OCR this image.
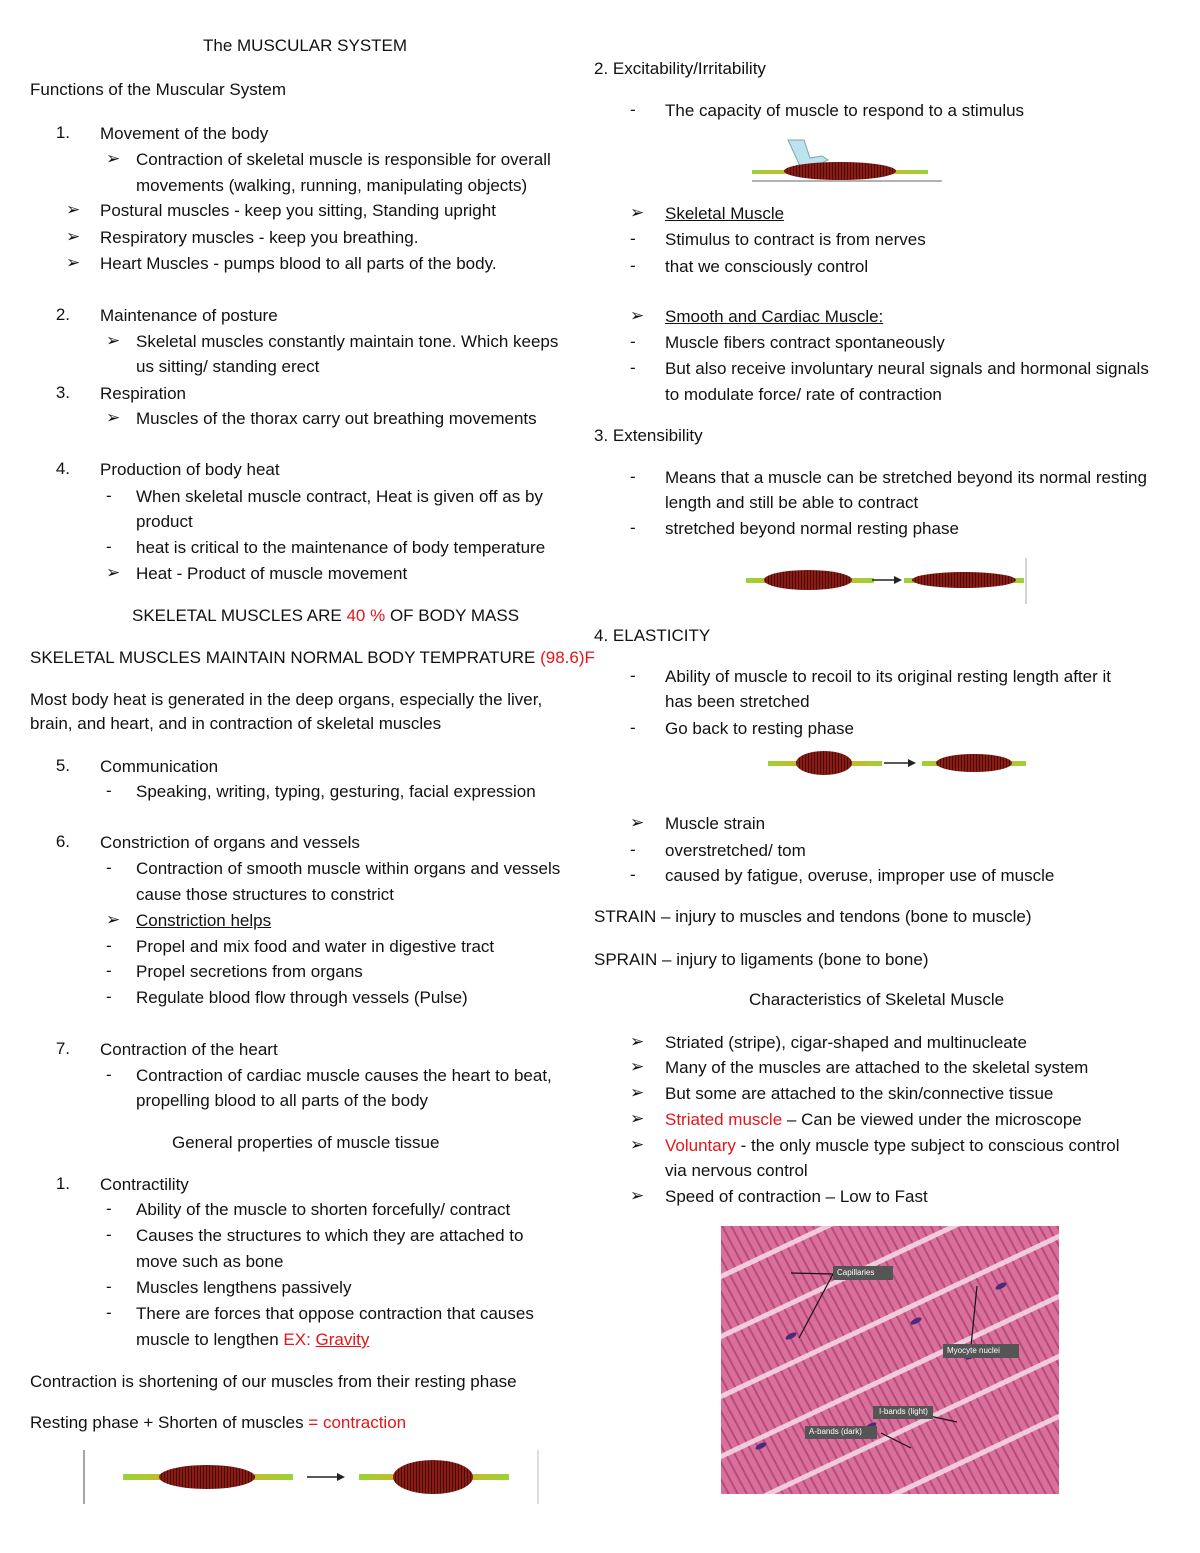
The MUSCULAR SYSTEM
Functions of the Muscular System
1. Movement of the body
➢ Contraction of skeletal muscle is responsible for overall
movements (walking, running, manipulating objects)
➢ Postural muscles - keep you sitting, Standing upright
➢ Respiratory muscles - keep you breathing.
➢ Heart Muscles - pumps blood to all parts of the body.
2. Maintenance of posture
➢ Skeletal muscles constantly maintain tone. Which keeps
us sitting/ standing erect
3. Respiration
➢ Muscles of the thorax carry out breathing movements
4. Production of body heat
- When skeletal muscle contract, Heat is given off as by
product
- heat is critical to the maintenance of body temperature
➢ Heat - Product of muscle movement
SKELETAL MUSCLES ARE 40 % OF BODY MASS
SKELETAL MUSCLES MAINTAIN NORMAL BODY TEMPRATURE (98.6)F
Most body heat is generated in the deep organs, especially the liver,
brain, and heart, and in contraction of skeletal muscles
5. Communication
- Speaking, writing, typing, gesturing, facial expression
6. Constriction of organs and vessels
- Contraction of smooth muscle within organs and vessels
cause those structures to constrict
➢ Constriction helps
- Propel and mix food and water in digestive tract
- Propel secretions from organs
- Regulate blood flow through vessels (Pulse)
7. Contraction of the heart
- Contraction of cardiac muscle causes the heart to beat,
propelling blood to all parts of the body
General properties of muscle tissue
1. Contractility
- Ability of the muscle to shorten forcefully/ contract
- Causes the structures to which they are attached to
move such as bone
- Muscles lengthens passively
- There are forces that oppose contraction that causes
muscle to lengthen EX: Gravity
Contraction is shortening of our muscles from their resting phase
Resting phase + Shorten of muscles = contraction
2. Excitability/Irritability
- The capacity of muscle to respond to a stimulus
➢ Skeletal Muscle
- Stimulus to contract is from nerves
- that we consciously control
➢ Smooth and Cardiac Muscle:
- Muscle fibers contract spontaneously
- But also receive involuntary neural signals and hormonal signals
to modulate force/ rate of contraction
3. Extensibility
- Means that a muscle can be stretched beyond its normal resting
length and still be able to contract
- stretched beyond normal resting phase
4. ELASTICITY
- Ability of muscle to recoil to its original resting length after it
has been stretched
- Go back to resting phase
➢ Muscle strain
- overstretched/ tom
- caused by fatigue, overuse, improper use of muscle
STRAIN – injury to muscles and tendons (bone to muscle)
SPRAIN – injury to ligaments (bone to bone)
Characteristics of Skeletal Muscle
➢ Striated (stripe), cigar-shaped and multinucleate
➢ Many of the muscles are attached to the skeletal system
➢ But some are attached to the skin/connective tissue
➢ Striated muscle – Can be viewed under the microscope
➢ Voluntary - the only muscle type subject to conscious control
via nervous control
➢ Speed of contraction – Low to Fast
Capillaries
Myocyte nuclei
I-bands (light)
A-bands (dark)
